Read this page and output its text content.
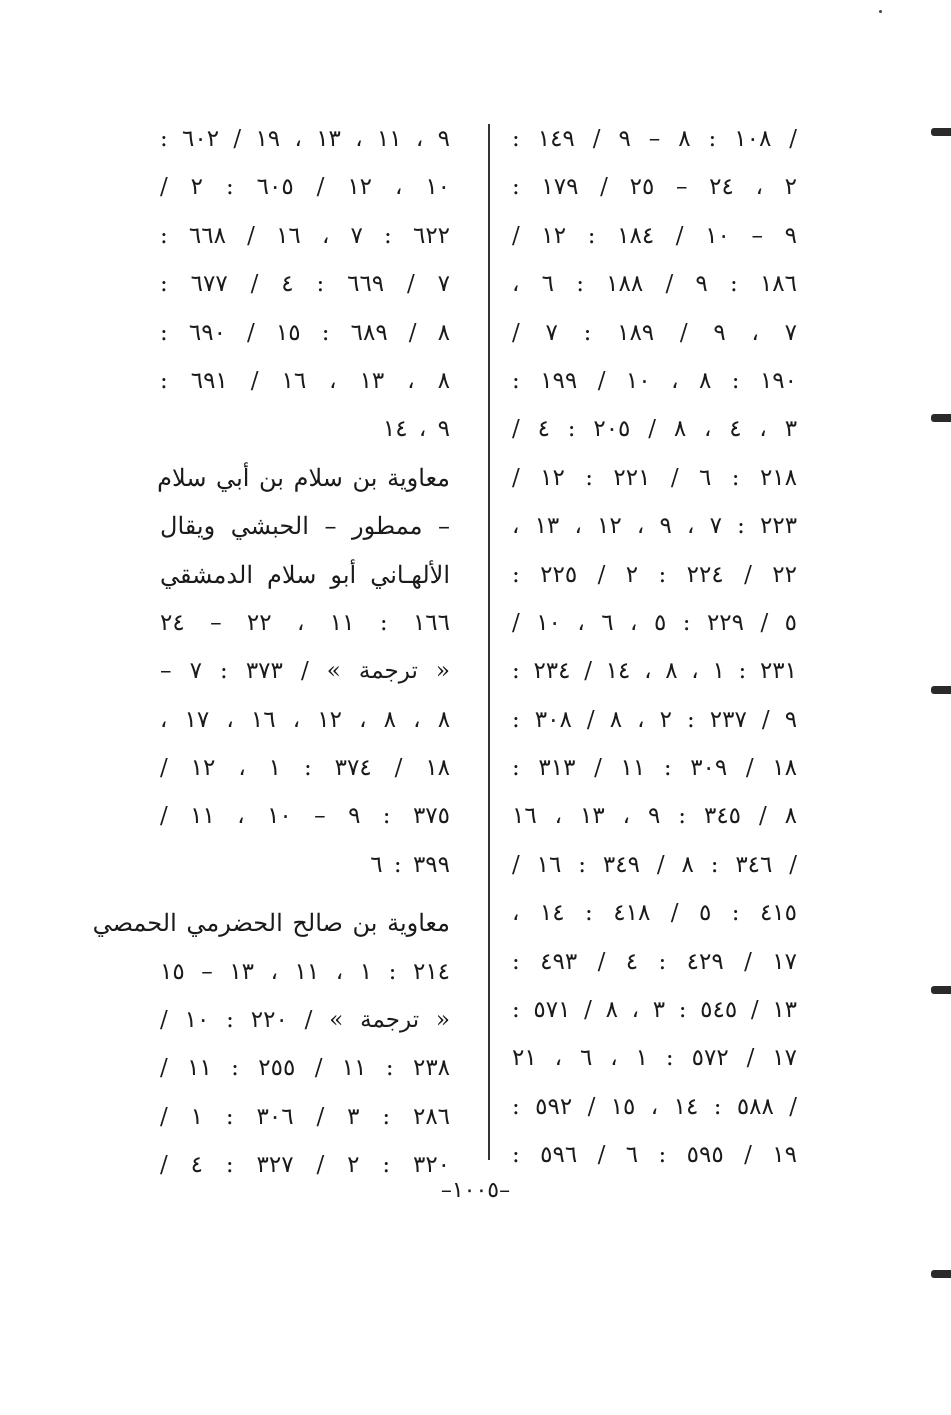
/ ١٠٨ : ٨ – ٩ / ١٤٩ :
٢ ، ٢٤ – ٢٥ / ١٧٩ :
٩ – ١٠ / ١٨٤ : ١٢ /
١٨٦ : ٩ / ١٨٨ : ٦ ،
٧ ، ٩ / ١٨٩ : ٧ /
١٩٠ : ٨ ، ١٠ / ١٩٩ :
٣ ، ٤ ، ٨ / ٢٠٥ : ٤ /
٢١٨ : ٦ / ٢٢١ : ١٢ /
٢٢٣ : ٧ ، ٩ ، ١٢ ، ١٣ ،
٢٢ / ٢٢٤ : ٢ / ٢٢٥ :
٥ / ٢٢٩ : ٥ ، ٦ ، ١٠ /
٢٣١ : ١ ، ٨ ، ١٤ / ٢٣٤ :
٩ / ٢٣٧ : ٢ ، ٨ / ٣٠٨ :
١٨ / ٣٠٩ : ١١ / ٣١٣ :
٨ / ٣٤٥ : ٩ ، ١٣ ، ١٦
/ ٣٤٦ : ٨ / ٣٤٩ : ١٦ /
٤١٥ : ٥ / ٤١٨ : ١٤ ،
١٧ / ٤٢٩ : ٤ / ٤٩٣ :
١٣ / ٥٤٥ : ٣ ، ٨ / ٥٧١ :
١٧ / ٥٧٢ : ١ ، ٦ ، ٢١
/ ٥٨٨ : ١٤ ، ١٥ / ٥٩٢ :
١٩ / ٥٩٥ : ٦ / ٥٩٦ :
٩ ، ١١ ، ١٣ ، ١٩ / ٦٠٢ :
١٠ ، ١٢ / ٦٠٥ : ٢ /
٦٢٢ : ٧ ، ١٦ / ٦٦٨ :
٧ / ٦٦٩ : ٤ / ٦٧٧ :
٨ / ٦٨٩ : ١٥ / ٦٩٠ :
٨ ، ١٣ ، ١٦ / ٦٩١ :
٩ ، ١٤
معاوية بن سلام بن أبي سلام
– ممطور – الحبشي ويقال
الألهـاني أبو سلام الدمشقي
١٦٦ : ١١ ، ٢٢ – ٢٤
« ترجمة » / ٣٧٣ : ٧ –
٨ ، ٨ ، ١٢ ، ١٦ ، ١٧ ،
١٨ / ٣٧٤ : ١ ، ١٢ /
٣٧٥ : ٩ – ١٠ ، ١١ /
٣٩٩ : ٦
معاوية بن صالح الحضرمي الحمصي
٢١٤ : ١ ، ١١ ، ١٣ – ١٥
« ترجمة » / ٢٢٠ : ١٠ /
٢٣٨ : ١١ / ٢٥٥ : ١١ /
٢٨٦ : ٣ / ٣٠٦ : ١ /
٣٢٠ : ٢ / ٣٢٧ : ٤ /
–١٠٠٥–
